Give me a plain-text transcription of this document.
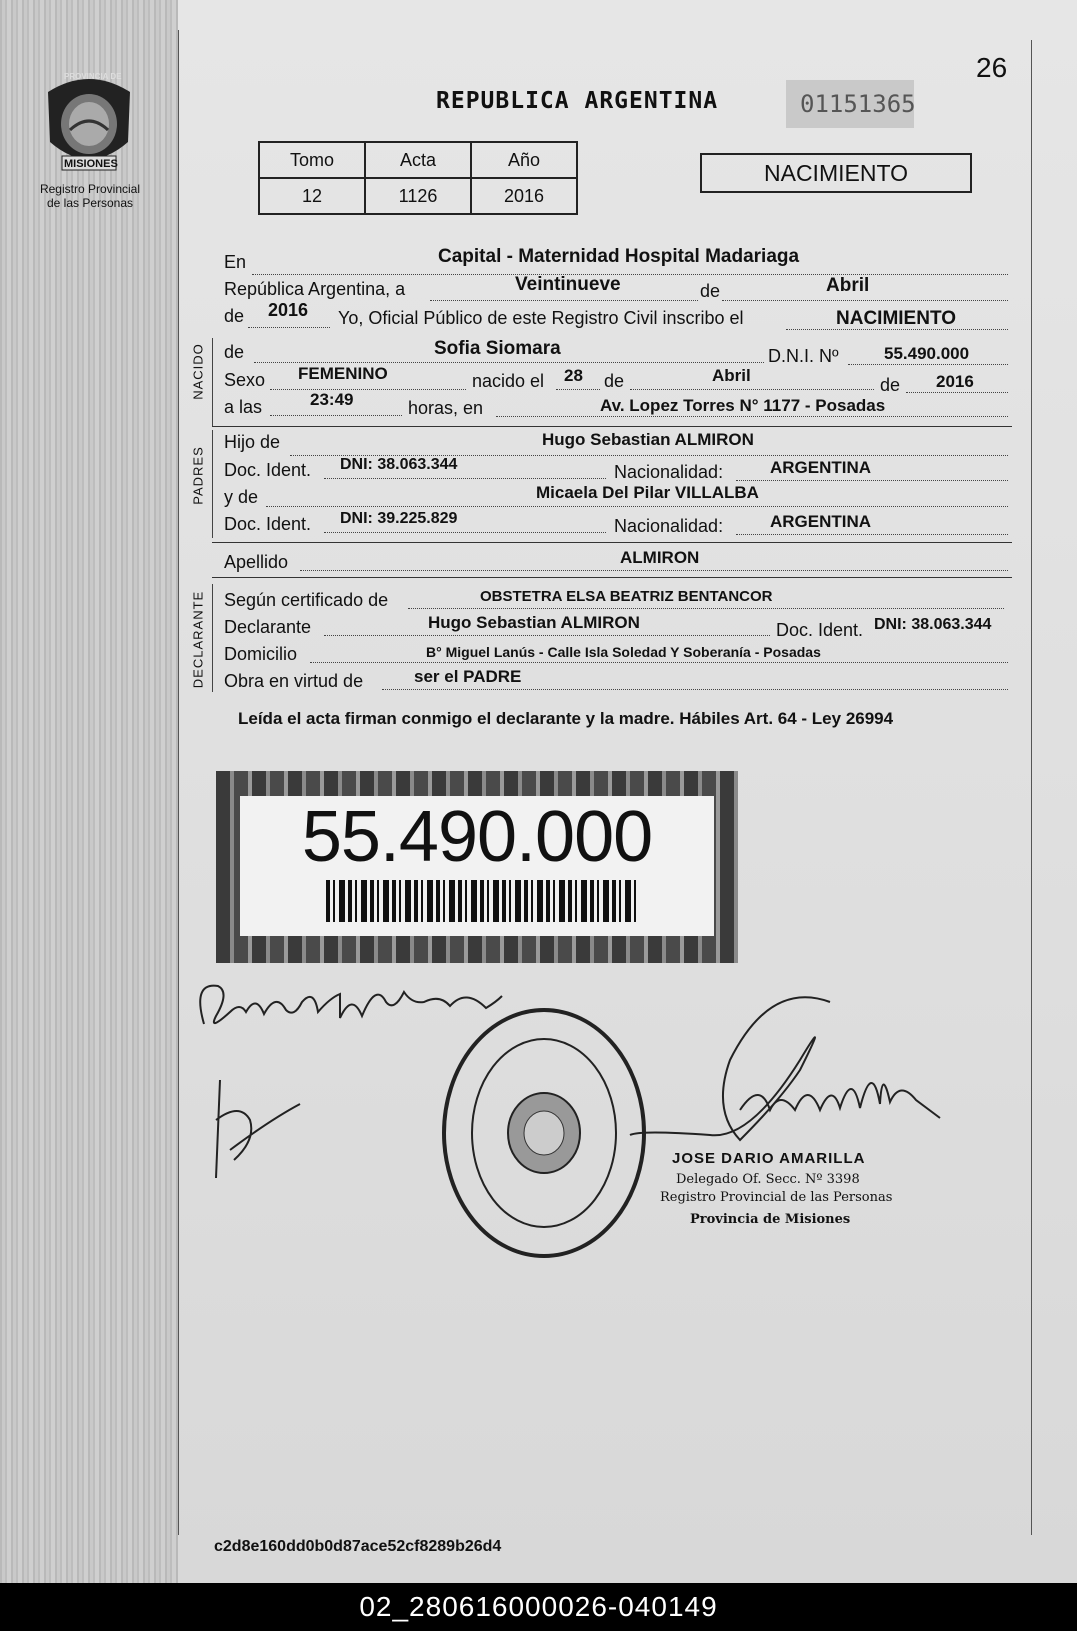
PROVINCIA DE
MISIONES
Registro Provincial
de las Personas
26
REPUBLICA ARGENTINA	01151365
Tomo	Acta	Año
12	1126	2016
NACIMIENTO
En	Capital - Maternidad Hospital Madariaga
República Argentina, a	Veintinueve	de	Abril
de 2016 Yo, Oficial Público de este Registro Civil inscribo el	NACIMIENTO
NACIDO de	Sofia Siomara	D.N.I. Nº	55.490.000
Sexo FEMENINO	nacido el 28 de	Abril	de 2016
a las	23:49	horas, en	Av. Lopez Torres N° 1177 - Posadas
PADRES
Hijo de	Hugo Sebastian ALMIRON
Doc. Ident. DNI: 38.063.344	Nacionalidad:	ARGENTINA
y de	Micaela Del Pilar VILLALBA
Doc. Ident. DNI: 39.225.829	Nacionalidad:	ARGENTINA
Apellido	ALMIRON
DECLARANTE Según certificado de	OBSTETRA ELSA BEATRIZ BENTANCOR
Declarante	Hugo Sebastian ALMIRON	Doc. Ident. DNI: 38.063.344
Domicilio	B° Miguel Lanús - Calle Isla Soledad Y Soberanía - Posadas
Obra en virtud de	ser el PADRE
Leída el acta firman conmigo el declarante y la madre. Hábiles Art. 64 - Ley 26994
55.490.000
JOSE DARIO AMARILLA
Delegado Of. Secc. Nº 3398
Registro Provincial de las Personas
Provincia de Misiones
c2d8e160dd0b0d87ace52cf8289b26d4
02_280616000026-040149
